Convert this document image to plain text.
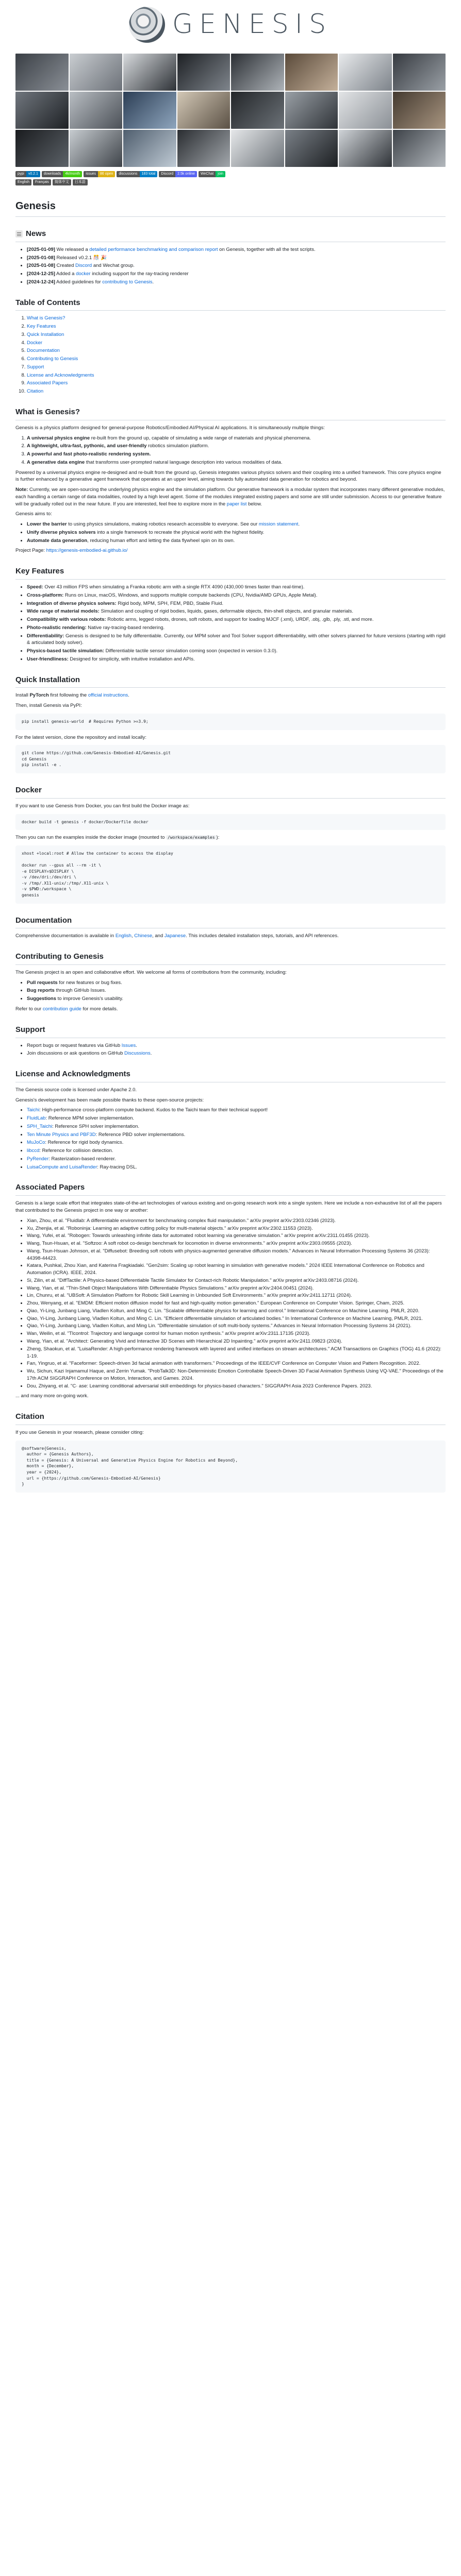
GENESIS
pypi	v0.2.1	downloads	4k/month	issues	86 open	discussions	183 total	Discord	2.5k online	WeChat	join
English	Français	简体中文	日本語
Genesis
News
• [2025-01-09] We released a detailed performance benchmarking and comparison report on Genesis, together with all the test scripts.
• [2025-01-08] Released v0.2.1 🎊 🎉
• [2025-01-08] Created Discord and Wechat group.
• [2024-12-25] Added a docker including support for the ray-tracing renderer
• [2024-12-24] Added guidelines for contributing to Genesis.
Table of Contents
1. What is Genesis?
2. Key Features
3. Quick Installation
4. Docker
5. Documentation
6. Contributing to Genesis
7. Support
8. License and Acknowledgments
9. Associated Papers
10. Citation
What is Genesis?

Genesis is a physics platform designed for general-purpose Robotics/Embodied AI/Physical AI applications. It is simultaneously multiple things:

1. A universal physics engine re-built from the ground up, capable of simulating a wide range of materials and physical phenomena.
2. A lightweight, ultra-fast, pythonic, and user-friendly robotics simulation platform.
3. A powerful and fast photo-realistic rendering system.
4. A generative data engine that transforms user-prompted natural language description into various modalities of data.

Powered by a universal physics engine re-designed and re-built from the ground up, Genesis integrates various physics solvers and their coupling into a unified framework. This core physics engine is further enhanced by a generative agent framework that operates at an upper level, aiming towards fully automated data generation for robotics and beyond.

Note: Currently, we are open-sourcing the underlying physics engine and the simulation platform. Our generative framework is a modular system that incorporates many different generative modules, each handling a certain range of data modalities, routed by a high level agent. Some of the modules integrated existing papers and some are still under submission. Access to our generative feature will be gradually rolled out in the near future. If you are interested, feel free to explore more in the paper list below.

Genesis aims to:

• Lower the barrier to using physics simulations, making robotics research accessible to everyone. See our mission statement.
• Unify diverse physics solvers into a single framework to recreate the physical world with the highest fidelity.
• Automate data generation, reducing human effort and letting the data flywheel spin on its own.

Project Page: https://genesis-embodied-ai.github.io/

Key Features
• Speed: Over 43 million FPS when simulating a Franka robotic arm with a single RTX 4090 (430,000 times faster than real-time).
• Cross-platform: Runs on Linux, macOS, Windows, and supports multiple compute backends (CPU, Nvidia/AMD GPUs, Apple Metal).
• Integration of diverse physics solvers: Rigid body, MPM, SPH, FEM, PBD, Stable Fluid.
• Wide range of material models: Simulation and coupling of rigid bodies, liquids, gases, deformable objects, thin-shell objects, and granular materials.
• Compatibility with various robots: Robotic arms, legged robots, drones, soft robots, and support for loading MJCF (.xml), URDF, .obj, .glb, .ply, .stl, and more.
• Photo-realistic rendering: Native ray-tracing-based rendering.
• Differentiability: Genesis is designed to be fully differentiable. Currently, our MPM solver and Tool Solver support differentiability, with other solvers planned for future versions (starting with rigid & articulated body solver).
• Physics-based tactile simulation: Differentiable tactile sensor simulation coming soon (expected in version 0.3.0).
• User-friendliness: Designed for simplicity, with intuitive installation and APIs.
Quick Installation

Install PyTorch first following the official instructions.

Then, install Genesis via PyPI:

pip install genesis-world  # Requires Python >=3.9;

For the latest version, clone the repository and install locally:

git clone https://github.com/Genesis-Embodied-AI/Genesis.git
cd Genesis
pip install -e .
Docker

If you want to use Genesis from Docker, you can first build the Docker image as:

docker build -t genesis -f docker/Dockerfile docker

Then you can run the examples inside the docker image (mounted to /workspace/examples ):

xhost +local:root # Allow the container to access the display

docker run --gpus all --rm -it \
-e DISPLAY=$DISPLAY \
-v /dev/dri:/dev/dri \
-v /tmp/.X11-unix/:/tmp/.X11-unix \
-v $PWD:/workspace \
genesis
Documentation

Comprehensive documentation is available in English, Chinese, and Japanese. This includes detailed installation steps, tutorials, and API references.

Contributing to Genesis

The Genesis project is an open and collaborative effort. We welcome all forms of contributions from the community, including:

• Pull requests for new features or bug fixes.
• Bug reports through GitHub Issues.
• Suggestions to improve Genesis's usability.

Refer to our contribution guide for more details.

Support
• Report bugs or request features via GitHub Issues.
• Join discussions or ask questions on GitHub Discussions.
License and Acknowledgments

The Genesis source code is licensed under Apache 2.0.

Genesis's development has been made possible thanks to these open-source projects:

• Taichi: High-performance cross-platform compute backend. Kudos to the Taichi team for their technical support!
• FluidLab: Reference MPM solver implementation.
• SPH_Taichi: Reference SPH solver implementation.
• Ten Minute Physics and PBF3D: Reference PBD solver implementations.
• MuJoCo: Reference for rigid body dynamics.
• libccd: Reference for collision detection.
• PyRender: Rasterization-based renderer.
• LuisaCompute and LuisaRender: Ray-tracing DSL.
Associated Papers

Genesis is a large scale effort that integrates state-of-the-art technologies of various existing and on-going research work into a single system. Here we include a non-exhaustive list of all the papers that contributed to the Genesis project in one way or another:

• Xian, Zhou, et al. "Fluidlab: A differentiable environment for benchmarking complex fluid manipulation." arXiv preprint arXiv:2303.02346 (2023).
• Xu, Zhenjia, et al. "Roboninja: Learning an adaptive cutting policy for multi-material objects." arXiv preprint arXiv:2302.11553 (2023).
• Wang, Yufei, et al. "Robogen: Towards unleashing infinite data for automated robot learning via generative simulation." arXiv preprint arXiv:2311.01455 (2023).
• Wang, Tsun-Hsuan, et al. "Softzoo: A soft robot co-design benchmark for locomotion in diverse environments." arXiv preprint arXiv:2303.09555 (2023).
• Wang, Tsun-Hsuan Johnson, et al. "Diffusebot: Breeding soft robots with physics-augmented generative diffusion models." Advances in Neural Information Processing Systems 36 (2023): 44398-44423.
• Katara, Pushkal, Zhou Xian, and Katerina Fragkiadaki. "Gen2sim: Scaling up robot learning in simulation with generative models." 2024 IEEE International Conference on Robotics and Automation (ICRA). IEEE, 2024.
• Si, Zilin, et al. "DiffTactile: A Physics-based Differentiable Tactile Simulator for Contact-rich Robotic Manipulation." arXiv preprint arXiv:2403.08716 (2024).
• Wang, Yian, et al. "Thin-Shell Object Manipulations With Differentiable Physics Simulations." arXiv preprint arXiv:2404.00451 (2024).
• Lin, Chunru, et al. "UBSoft: A Simulation Platform for Robotic Skill Learning in Unbounded Soft Environments." arXiv preprint arXiv:2411.12711 (2024).
• Zhou, Wenyang, et al. "EMDM: Efficient motion diffusion model for fast and high-quality motion generation." European Conference on Computer Vision. Springer, Cham, 2025.
• Qiao, Yi-Ling, Junbang Liang, Vladlen Koltun, and Ming C. Lin. "Scalable differentiable physics for learning and control." International Conference on Machine Learning. PMLR, 2020.
• Qiao, Yi-Ling, Junbang Liang, Vladlen Koltun, and Ming C. Lin. "Efficient differentiable simulation of articulated bodies." In International Conference on Machine Learning, PMLR, 2021.
• Qiao, Yi-Ling, Junbang Liang, Vladlen Koltun, and Ming Lin. "Differentiable simulation of soft multi-body systems." Advances in Neural Information Processing Systems 34 (2021).
• Wan, Weilin, et al. "Tlcontrol: Trajectory and language control for human motion synthesis." arXiv preprint arXiv:2311.17135 (2023).
• Wang, Yian, et al. "Architect: Generating Vivid and Interactive 3D Scenes with Hierarchical 2D Inpainting." arXiv preprint arXiv:2411.09823 (2024).
• Zheng, Shaokun, et al. "LuisaRender: A high-performance rendering framework with layered and unified interfaces on stream architectures." ACM Transactions on Graphics (TOG) 41.6 (2022): 1-19.
• Fan, Yingruo, et al. "Faceformer: Speech-driven 3d facial animation with transformers." Proceedings of the IEEE/CVF Conference on Computer Vision and Pattern Recognition. 2022.
• Wu, Sichun, Kazi Injamamul Haque, and Zerrin Yumak. "ProbTalk3D: Non-Deterministic Emotion Controllable Speech-Driven 3D Facial Animation Synthesis Using VQ-VAE." Proceedings of the 17th ACM SIGGRAPH Conference on Motion, Interaction, and Games. 2024.
• Dou, Zhiyang, et al. "C· ase: Learning conditional adversarial skill embeddings for physics-based characters." SIGGRAPH Asia 2023 Conference Papers. 2023.

... and many more on-going work.

Citation

If you use Genesis in your research, please consider citing:

@software{Genesis,
author = {Genesis Authors},
title = {Genesis: A Universal and Generative Physics Engine for Robotics and Beyond},
month = {December},
year = {2024},
url = {https://github.com/Genesis-Embodied-AI/Genesis}
}
